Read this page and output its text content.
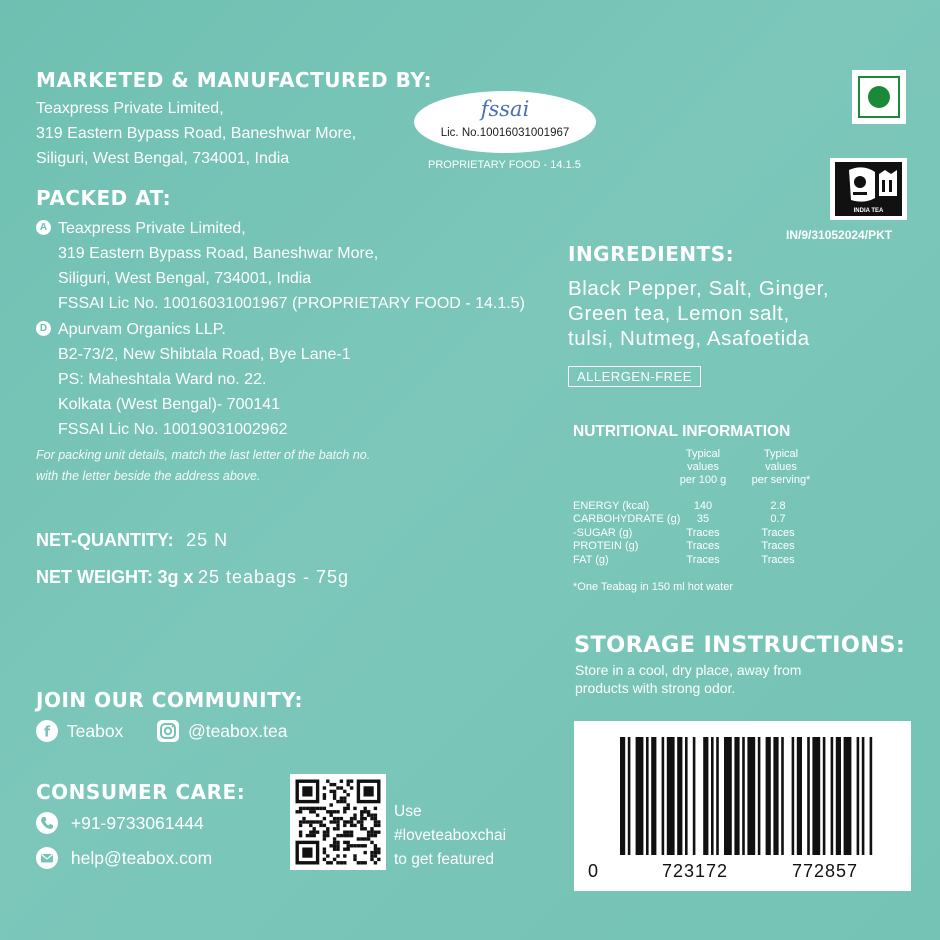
MARKETED & MANUFACTURED BY:
Teaxpress Private Limited,
319 Eastern Bypass Road, Baneshwar More,
Siliguri, West Bengal, 734001, India
fssai
Lic. No.10016031001967
PROPRIETARY FOOD - 14.1.5
INDIA TEA
IN/9/31052024/PKT
PACKED AT:
A Teaxpress Private Limited,
319 Eastern Bypass Road, Baneshwar More,
Siliguri, West Bengal, 734001, India
FSSAI Lic No. 10016031001967 (PROPRIETARY FOOD - 14.1.5)
D Apurvam Organics LLP.
B2-73/2, New Shibtala Road, Bye Lane-1
PS: Maheshtala Ward no. 22.
Kolkata (West Bengal)- 700141
FSSAI Lic No. 10019031002962
For packing unit details, match the last letter of the batch no.
with the letter beside the address above.
NET-QUANTITY: 25 N
NET WEIGHT: 3g x 25 teabags - 75g
INGREDIENTS:
Black Pepper, Salt, Ginger,
Green tea, Lemon salt,
tulsi, Nutmeg, Asafoetida
ALLERGEN-FREE
NUTRITIONAL INFORMATION
Typical
values
per 100 g
Typical
values
per serving*
ENERGY (kcal)	140	2.8
CARBOHYDRATE (g)	35	0.7
-SUGAR (g)	Traces	Traces
PROTEIN (g)	Traces	Traces
FAT (g)	Traces	Traces
*One Teabag in 150 ml hot water
STORAGE INSTRUCTIONS:
Store in a cool, dry place, away from
products with strong odor.
0	723172	772857
JOIN OUR COMMUNITY:
f Teabox	@teabox.tea
CONSUMER CARE:
+91-9733061444
help@teabox.com
Use
#loveteaboxchai
to get featured
